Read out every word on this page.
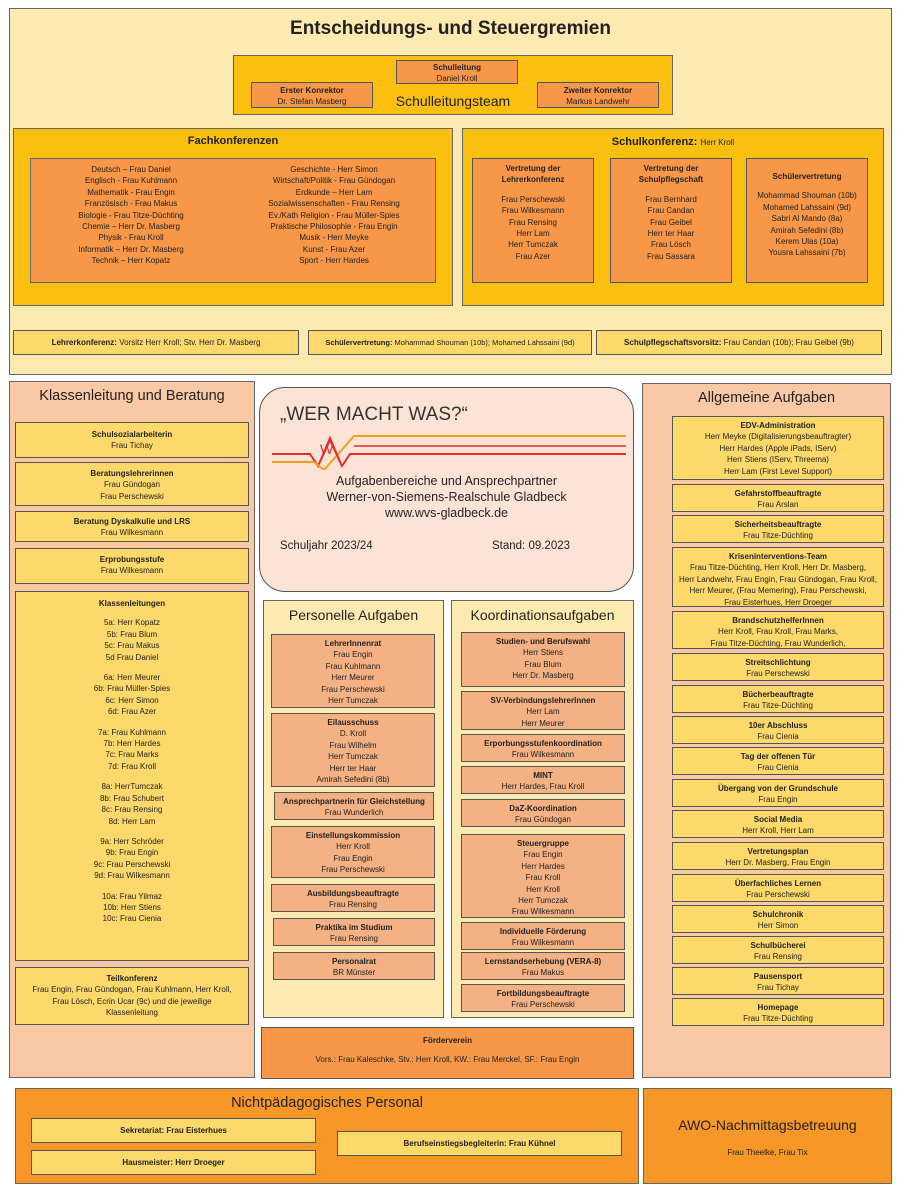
Entscheidungs- und Steuergremien
Schulleitungsteam
Schulleitung
Daniel Kroll
Erster Konrektor
Dr. Stefan Masberg
Zweiter Konrektor
Markus Landwehr
Fachkonferenzen
Deutsch – Frau Daniel
Englisch - Frau Kuhlmann
Mathematik - Frau Engin
Französisch - Frau Makus
Biologie - Frau Titze-Düchting
Chemie – Herr Dr. Masberg
Physik - Frau Kroll
Informatik – Herr Dr. Masberg
Technik – Herr Kopatz
Geschichte - Herr Simon
Wirtschaft/Politik - Frau Gündogan
Erdkunde – Herr Lam
Sozialwissenschaften - Frau Rensing
Ev./Kath Religion - Frau Müller-Spies
Praktische Philosophie - Frau Engin
Musik - Herr Meyke
Kunst - Frau Azer
Sport - Herr Hardes
Schulkonferenz: Herr Kroll
Vertretung der
Lehrerkonferenz
Frau Perschewski
Frau Wilkesmann
Frau Rensing
Herr Lam
Herr Tumczak
Frau Azer
Vertretung der
Schulpflegschaft
Frau Bernhard
Frau Candan
Frau Geibel
Herr ter Haar
Frau Lösch
Frau Sassara
Schülervertretung
Mohammad Shouman (10b)
Mohamed Lahssaini (9d)
Sabri Al Mando (8a)
Amirah Sefedini (8b)
Kerem Ulas (10a)
Yousra Lahssaini (7b)
Lehrerkonferenz:
Vorsitz Herr Kroll; Stv. Herr Dr. Masberg	Schülervertretung:
Mohammad Shouman (10b); Mohamed Lahssaini (9d)	Schulpflegschaftsvorsitz:
Frau Candan (10b); Frau Geibel (9b)
Klassenleitung und Beratung
Schulsozialarbeiterin
Frau Tichay
Beratungslehrerinnen
Frau Gündogan
Frau Perschewski
Beratung Dyskalkulie und LRS
Frau Wilkesmann
Erprobungsstufe
Frau Wilkesmann
Klassenleitungen
5a: Herr Kopatz
5b: Frau Blum
5c: Frau Makus
5d Frau Daniel
6a: Herr Meurer
6b: Frau Müller-Spies
6c: Herr Simon
6d: Frau Azer
7a: Frau Kuhlmann
7b: Herr Hardes
7c: Frau Marks
7d: Frau Kroll
8a: HerrTumczak
8b: Frau Schubert
8c: Frau Rensing
8d: Herr Lam
9a: Herr Schröder
9b: Frau Engin
9c: Frau Perschewski
9d: Frau Wilkesmann
10a: Frau Yilmaz
10b: Herr Stiens
10c: Frau Cienia
Teilkonferenz
Frau Engin, Frau Gündogan, Frau Kuhlmann, Herr Kroll,
Frau Lösch, Ecrin Ucar (9c) und die jeweilige
Klassenleitung
„WER MACHT WAS?“
W
Aufgabenbereiche und Ansprechpartner
Werner-von-Siemens-Realschule Gladbeck
www.wvs-gladbeck.de
Schuljahr 2023/24	Stand: 09.2023
Personelle Aufgaben
LehrerInnenrat
Frau Engin
Frau Kuhlmann
Herr Meurer
Frau Perschewski
Herr Tumczak
Eilausschuss
D. Kroll
Frau Wilhelm
Herr Tumczak
Herr ter Haar
Amirah Sefedini (8b)
Ansprechpartnerin für Gleichstellung
Frau Wunderlich
Einstellungskommission
Herr Kroll
Frau Engin
Frau Perschewski
Ausbildungsbeauftragte
Frau Rensing
Praktika im Studium
Frau Rensing
Personalrat
BR Münster
Koordinationsaufgaben
Studien- und Berufswahl
Herr Stiens
Frau Blum
Herr Dr. Masberg
SV-VerbindungslehrerInnen
Herr Lam
Herr Meurer
Erporbungsstufenkoordination
Frau Wilkesmann
MINT
Herr Hardes, Frau Kroll
DaZ-Koordination
Frau Gündogan
Steuergruppe
Frau Engin
Herr Hardes
Frau Kroll
Herr Kroll
Herr Tumczak
Frau Wilkesmann
Individuelle Förderung
Frau Wilkesmann
Lernstandserhebung (VERA-8)
Frau Makus
Fortbildungsbeauftragte
Frau Perschewski
Förderverein
Vors.: Frau Kaleschke, Stv.: Herr Kroll, KW.: Frau Merckel, SF.: Frau Engin
Allgemeine Aufgaben
EDV-Administration
Herr Meyke (Digitalisierungsbeauftragter)
Herr Hardes (Apple iPads, IServ)
Herr Stiens (IServ, Threema)
Herr Lam (First Level Support)
Gefahrstoffbeauftragte
Frau Arslan
Sicherheitsbeauftragte
Frau Titze-Düchting
Kriseninterventions-Team
Frau Titze-Düchting, Herr Kroll, Herr Dr. Masberg,
Herr Landwehr, Frau Engin, Frau Gündogan, Frau Kroll,
Herr Meurer, (Frau Memering), Frau Perschewski,
Frau Eisterhues, Herr Droeger
BrandschutzhelferInnen
Herr Kroll, Frau Kroll, Frau Marks,
Frau Titze-Düchting, Frau Wunderlich,
Streitschlichtung
Frau Perschewski
Bücherbeauftragte
Frau Titze-Düchting
10er Abschluss
Frau Cienia
Tag der offenen Tür
Frau Cienia
Übergang von der Grundschule
Frau Engin
Social Media
Herr Kroll, Herr Lam
Vertretungsplan
Herr Dr. Masberg, Frau Engin
Überfachliches Lernen
Frau Perschewski
Schulchronik
Herr Simon
Schulbücherei
Frau Rensing
Pausensport
Frau Tichay
Homepage
Frau Titze-Düchting
Nichtpädagogisches Personal
Sekretariat: Frau Eisterhues
Hausmeister: Herr Droeger
Berufseinstiegsbegleiterin: Frau Kühnel
AWO-Nachmittagsbetreuung
Frau Theelke, Frau Tix
